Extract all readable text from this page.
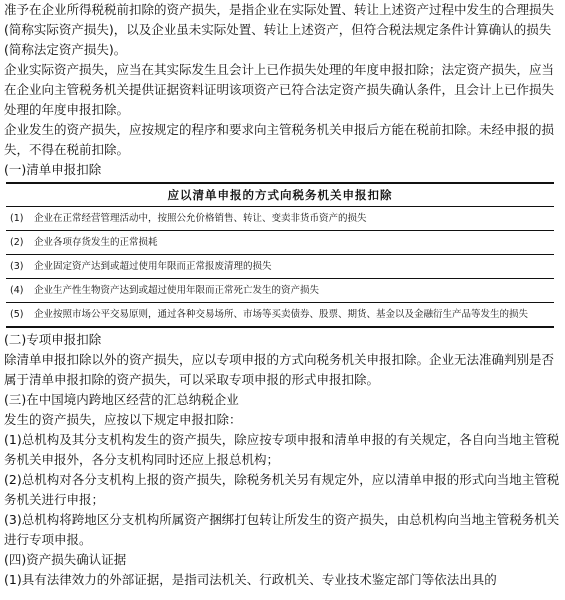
准予在企业所得税税前扣除的资产损失，是指企业在实际处置、转让上述资产过程中发生的合理损失(简称实际资产损失)，以及企业虽未实际处置、转让上述资产，但符合税法规定条件计算确认的损失(简称法定资产损失)。

企业实际资产损失，应当在其实际发生且会计上已作损失处理的年度申报扣除；法定资产损失，应当在企业向主管税务机关提供证据资料证明该项资产已符合法定资产损失确认条件，且会计上已作损失处理的年度申报扣除。

企业发生的资产损失，应按规定的程序和要求向主管税务机关申报后方能在税前扣除。未经申报的损失，不得在税前扣除。

(一)清单申报扣除

应以清单申报的方式向税务机关申报扣除
(1) 企业在正常经营管理活动中，按照公允价格销售、转让、变卖非货币资产的损失
(2) 企业各项存货发生的正常损耗
(3) 企业固定资产达到或超过使用年限而正常报废清理的损失
(4) 企业生产性生物资产达到或超过使用年限而正常死亡发生的资产损失
(5) 企业按照市场公平交易原则，通过各种交易场所、市场等买卖债券、股票、期货、基金以及金融衍生产品等发生的损失

(二)专项申报扣除

除清单申报扣除以外的资产损失，应以专项申报的方式向税务机关申报扣除。企业无法准确判别是否属于清单申报扣除的资产损失，可以采取专项申报的形式申报扣除。

(三)在中国境内跨地区经营的汇总纳税企业

发生的资产损失，应按以下规定申报扣除：

(1)总机构及其分支机构发生的资产损失，除应按专项申报和清单申报的有关规定，各自向当地主管税务机关申报外，各分支机构同时还应上报总机构；

(2)总机构对各分支机构上报的资产损失，除税务机关另有规定外，应以清单申报的形式向当地主管税务机关进行申报；

(3)总机构将跨地区分支机构所属资产捆绑打包转让所发生的资产损失，由总机构向当地主管税务机关进行专项申报。

(四)资产损失确认证据

(1)具有法律效力的外部证据，是指司法机关、行政机关、专业技术鉴定部门等依法出具的
